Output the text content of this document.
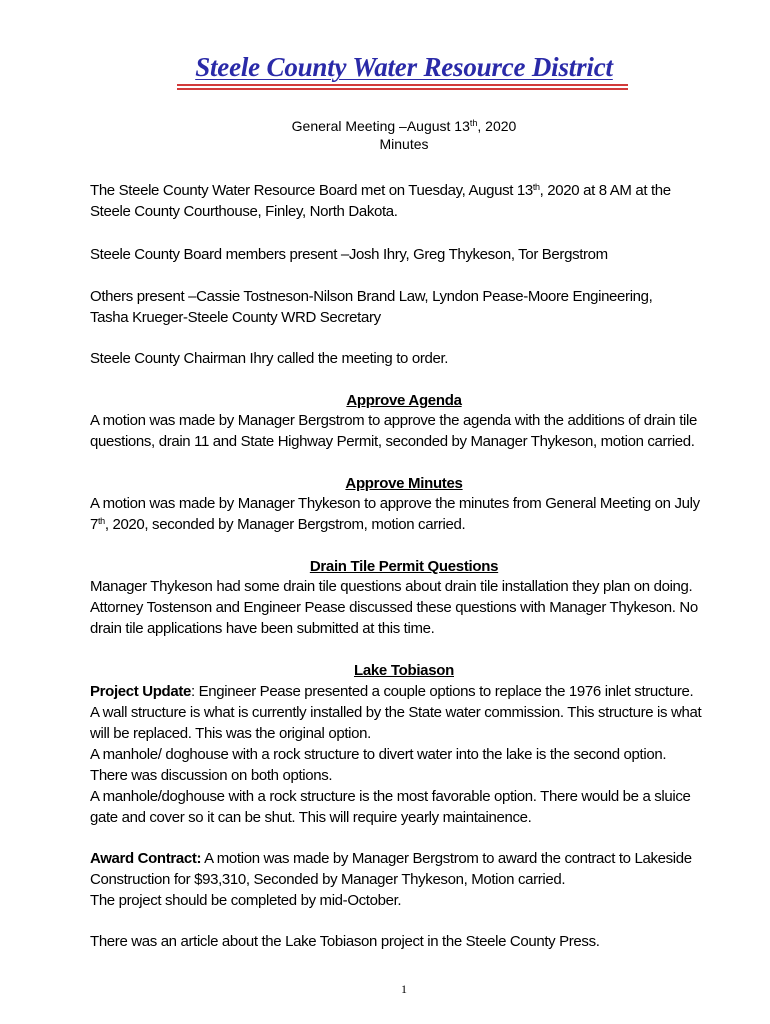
Steele County Water Resource District
General Meeting –August 13th, 2020
Minutes

The Steele County Water Resource Board met on Tuesday, August 13th, 2020 at 8 AM at the

Steele County Courthouse, Finley, North Dakota.

Steele County Board members present –Josh Ihry, Greg Thykeson, Tor Bergstrom

Others present –Cassie Tostneson-Nilson Brand Law, Lyndon Pease-Moore Engineering,

Tasha Krueger-Steele County WRD Secretary

Steele County Chairman Ihry called the meeting to order.
Approve Agenda

A motion was made by Manager Bergstrom to approve the agenda with the additions of drain tile

questions, drain 11 and State Highway Permit, seconded by Manager Thykeson, motion carried.

Approve Minutes

A motion was made by Manager Thykeson to approve the minutes from General Meeting on July

7th, 2020, seconded by Manager Bergstrom, motion carried.

Drain Tile Permit Questions

Manager Thykeson had some drain tile questions about drain tile installation they plan on doing.

Attorney Tostenson and Engineer Pease discussed these questions with Manager Thykeson. No

drain tile applications have been submitted at this time.

Lake Tobiason

Project Update: Engineer Pease presented a couple options to replace the 1976 inlet structure.

A wall structure is what is currently installed by the State water commission. This structure is what

will be replaced. This was the original option.

A manhole/ doghouse with a rock structure to divert water into the lake is the second option.

There was discussion on both options.

A manhole/doghouse with a rock structure is the most favorable option. There would be a sluice

gate and cover so it can be shut. This will require yearly maintainence.

Award Contract: A motion was made by Manager Bergstrom to award the contract to Lakeside

Construction for $93,310, Seconded by Manager Thykeson, Motion carried.

The project should be completed by mid-October.

There was an article about the Lake Tobiason project in the Steele County Press.
1
